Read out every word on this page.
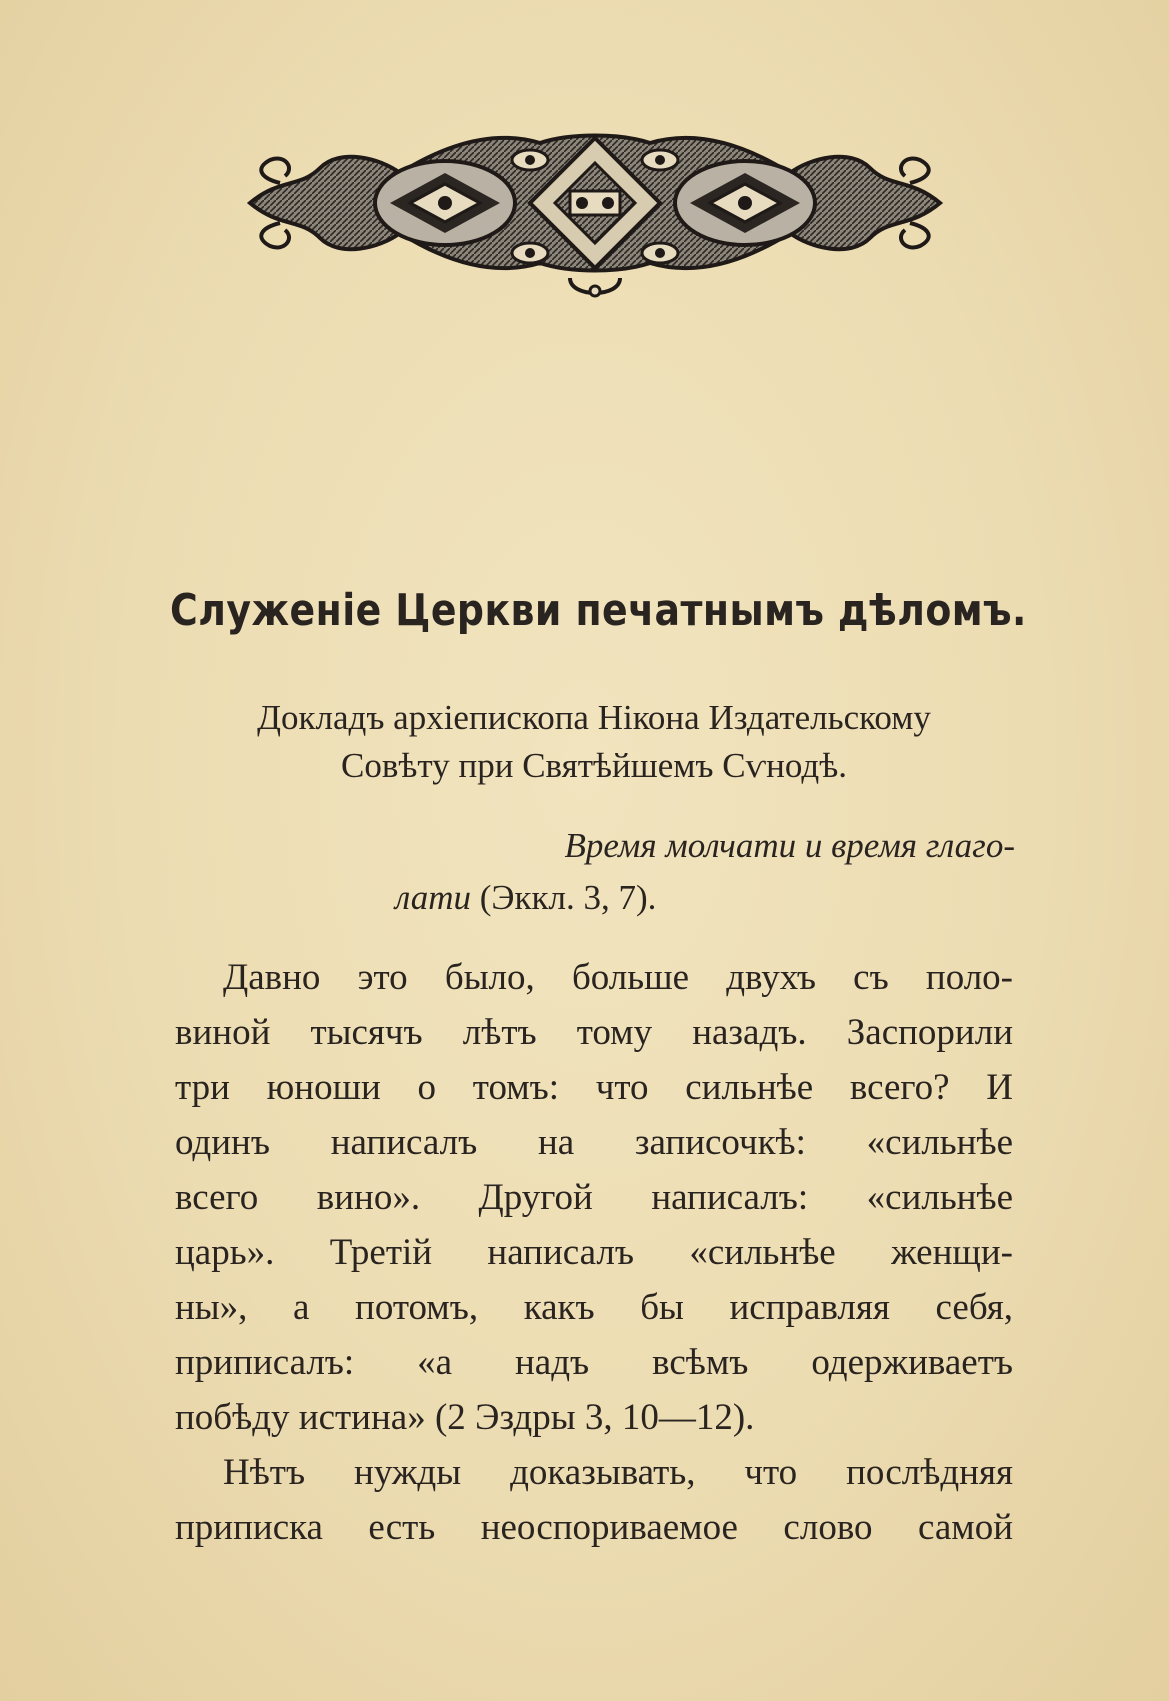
Служеніе Церкви печатнымъ дѣломъ.

Докладъ архіепископа Нікона Издательскому
Совѣту при Святѣйшемъ Сѵнодѣ.

Время молчати и время глаго-
лати (Эккл. 3, 7).

Давно это было, больше двухъ съ поло-
виной тысячъ лѣтъ тому назадъ. Заспорили
три юноши о томъ: что сильнѣе всего? И
одинъ написалъ на записочкѣ: «сильнѣе
всего вино». Другой написалъ: «сильнѣе
царь». Третій написалъ «сильнѣе женщи-
ны», а потомъ, какъ бы исправляя себя,
приписалъ: «а надъ всѣмъ одерживаетъ
побѣду истина» (2 Эздры 3, 10—12).
Нѣтъ нужды доказывать, что послѣдняя
приписка есть неоспориваемое слово самой
